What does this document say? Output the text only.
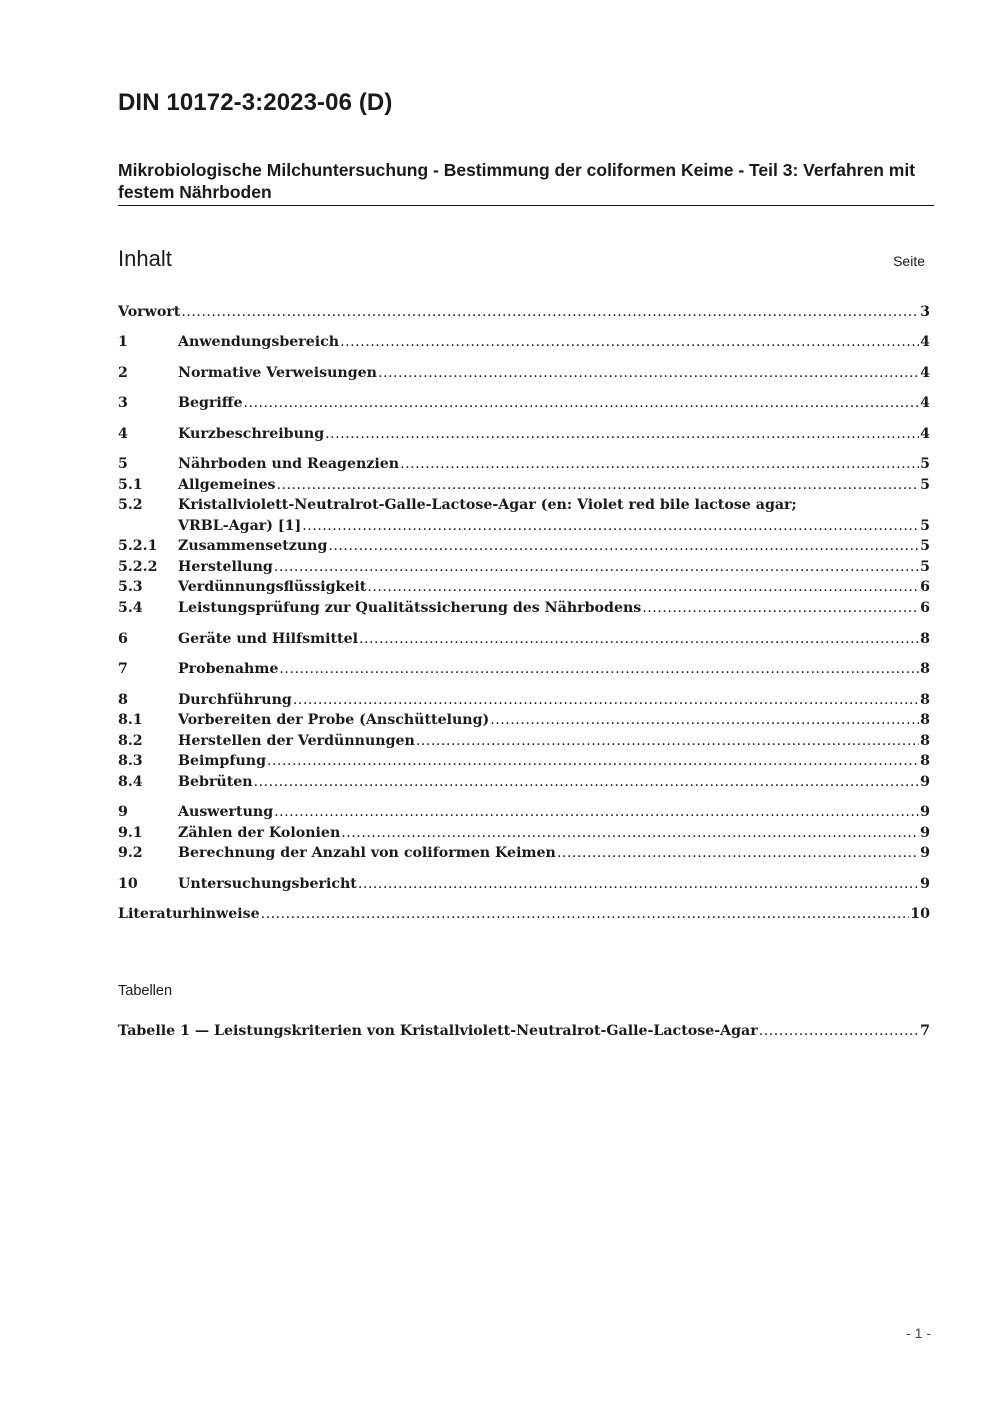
DIN 10172-3:2023-06 (D)
Mikrobiologische Milchuntersuchung - Bestimmung der coliformen Keime - Teil 3: Verfahren mit festem Nährboden
Inhalt	Seite
Vorwort .....	3
1	Anwendungsbereich .....	4
2	Normative Verweisungen .....	4
3	Begriffe .....	4
4	Kurzbeschreibung .....	4
5	Nährboden und Reagenzien .....	5
5.1 Allgemeines .....	5
5.2 Kristallviolett-Neutralrot-Galle-Lactose-Agar (en: Violet red bile lactose agar;
VRBL-Agar) [1] .....	5
5.2.1 Zusammensetzung .....	5
5.2.2 Herstellung .....	5
5.3 Verdünnungsflüssigkeit .....	6
5.4 Leistungsprüfung zur Qualitätssicherung des Nährbodens .....	6
6	Geräte und Hilfsmittel .....	8
7	Probenahme .....	8
8	Durchführung .....	8
8.1 Vorbereiten der Probe (Anschüttelung) .....	8
8.2 Herstellen der Verdünnungen .....	8
8.3 Beimpfung .....	8
8.4 Bebrüten .....	9
9	Auswertung .....	9
9.1 Zählen der Kolonien .....	9
9.2 Berechnung der Anzahl von coliformen Keimen .....	9
10	Untersuchungsbericht .....	9
Literaturhinweise .....	10
Tabellen
Tabelle 1 — Leistungskriterien von Kristallviolett-Neutralrot-Galle-Lactose-Agar .....	7
- 1 -
